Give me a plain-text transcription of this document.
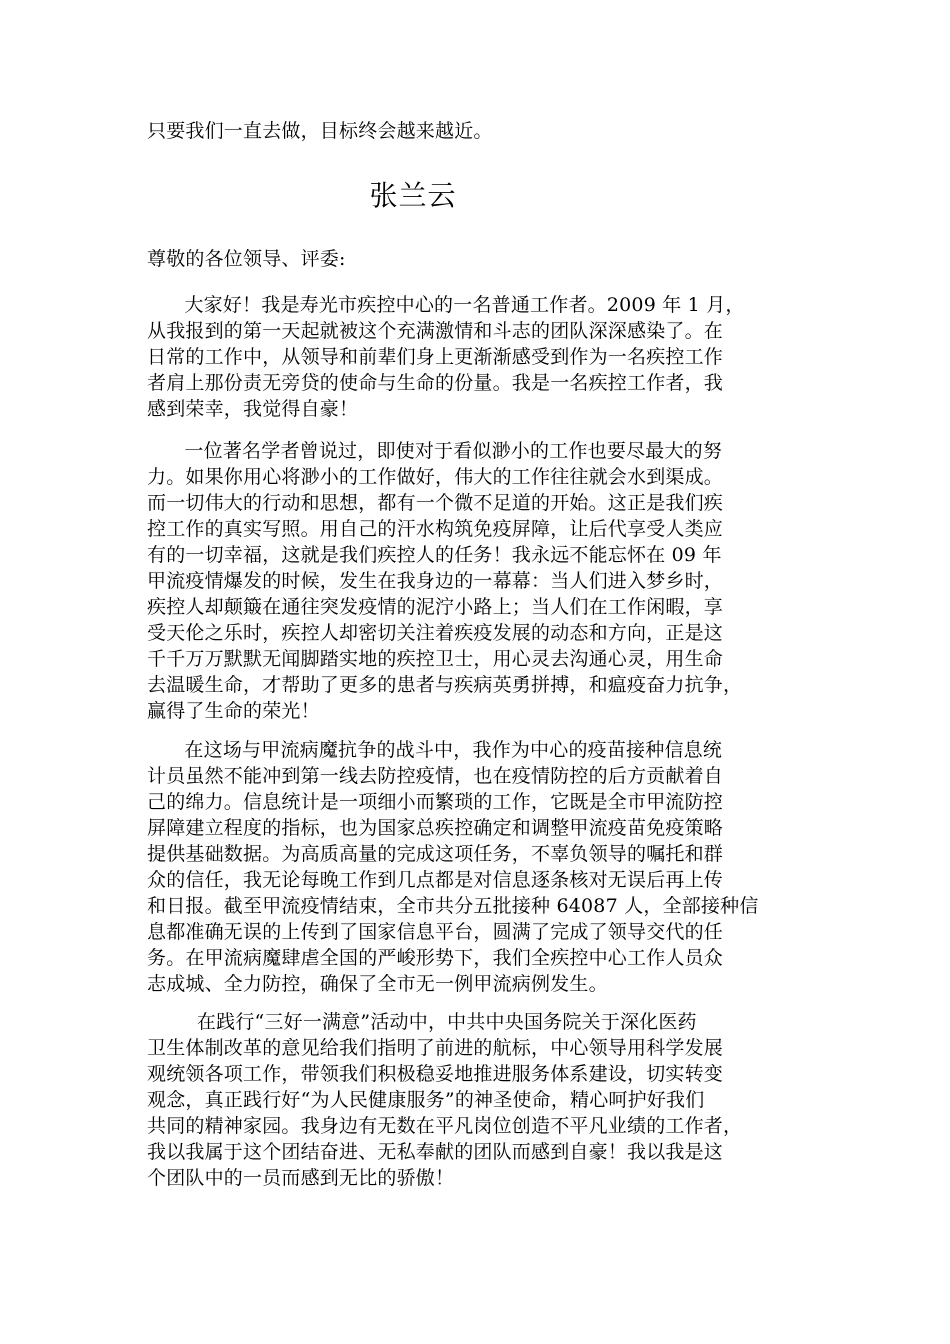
只要我们一直去做，目标终会越来越近。
张兰云
尊敬的各位领导、评委:
大家好！我是寿光市疾控中心的一名普通工作者。2009 年 1 月，
从我报到的第一天起就被这个充满激情和斗志的团队深深感染了。在
日常的工作中，从领导和前辈们身上更渐渐感受到作为一名疾控工作
者肩上那份责无旁贷的使命与生命的份量。我是一名疾控工作者，我
感到荣幸，我觉得自豪！
一位著名学者曾说过，即使对于看似渺小的工作也要尽最大的努
力。如果你用心将渺小的工作做好，伟大的工作往往就会水到渠成。
而一切伟大的行动和思想，都有一个微不足道的开始。这正是我们疾
控工作的真实写照。用自己的汗水构筑免疫屏障，让后代享受人类应
有的一切幸福，这就是我们疾控人的任务！我永远不能忘怀在 09 年
甲流疫情爆发的时候，发生在我身边的一幕幕：当人们进入梦乡时，
疾控人却颠簸在通往突发疫情的泥泞小路上；当人们在工作闲暇，享
受天伦之乐时，疾控人却密切关注着疾疫发展的动态和方向，正是这
千千万万默默无闻脚踏实地的疾控卫士，用心灵去沟通心灵，用生命
去温暖生命，才帮助了更多的患者与疾病英勇拼搏，和瘟疫奋力抗争，
赢得了生命的荣光！
在这场与甲流病魔抗争的战斗中，我作为中心的疫苗接种信息统
计员虽然不能冲到第一线去防控疫情，也在疫情防控的后方贡献着自
己的绵力。信息统计是一项细小而繁琐的工作，它既是全市甲流防控
屏障建立程度的指标，也为国家总疾控确定和调整甲流疫苗免疫策略
提供基础数据。为高质高量的完成这项任务，不辜负领导的嘱托和群
众的信任，我无论每晚工作到几点都是对信息逐条核对无误后再上传
和日报。截至甲流疫情结束，全市共分五批接种 64087 人，全部接种信
息都准确无误的上传到了国家信息平台，圆满了完成了领导交代的任
务。在甲流病魔肆虐全国的严峻形势下，我们全疾控中心工作人员众
志成城、全力防控，确保了全市无一例甲流病例发生。
在践行“三好一满意”活动中，中共中央国务院关于深化医药
卫生体制改革的意见给我们指明了前进的航标，中心领导用科学发展
观统领各项工作，带领我们积极稳妥地推进服务体系建设，切实转变
观念，真正践行好“为人民健康服务”的神圣使命，精心呵护好我们
共同的精神家园。我身边有无数在平凡岗位创造不平凡业绩的工作者，
我以我属于这个团结奋进、无私奉献的团队而感到自豪！我以我是这
个团队中的一员而感到无比的骄傲！
